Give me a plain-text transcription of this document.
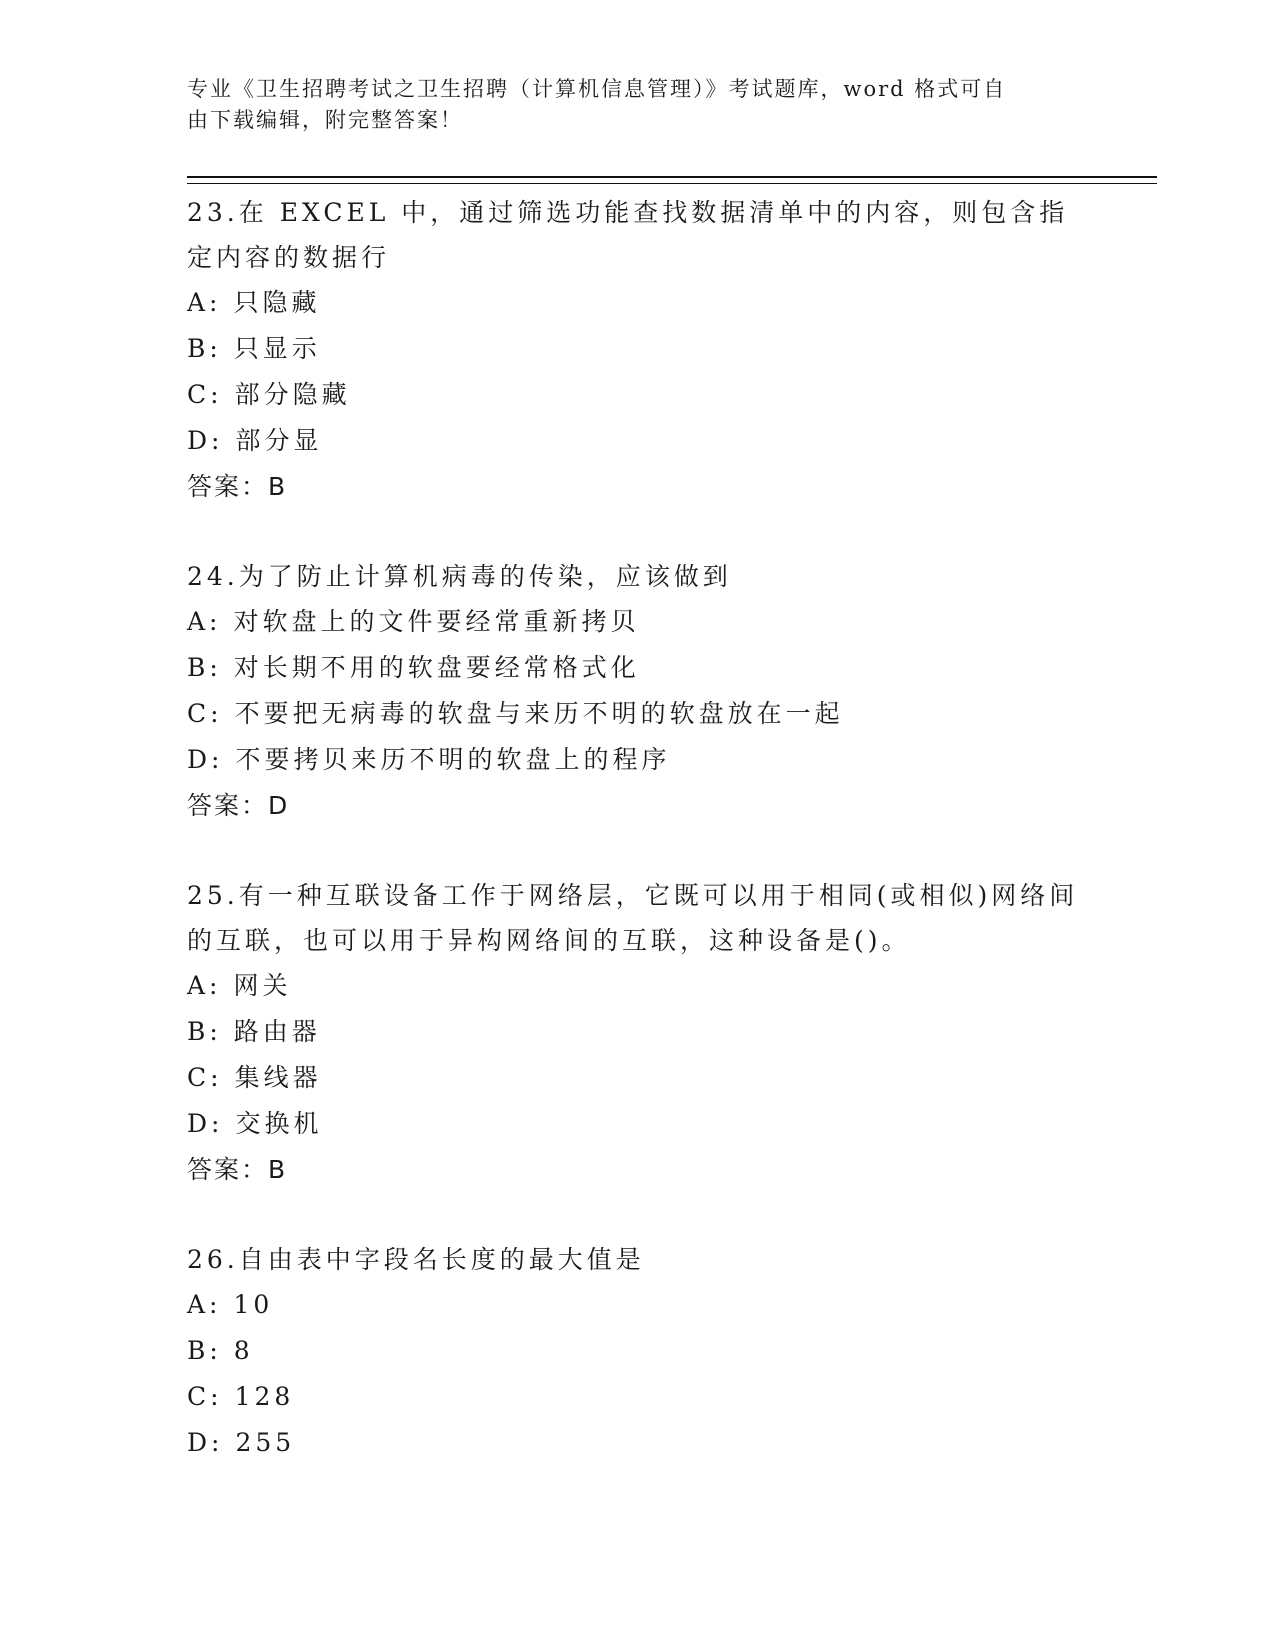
专业《卫生招聘考试之卫生招聘（计算机信息管理）》考试题库，word 格式可自
由下载编辑，附完整答案！
23.在 EXCEL 中，通过筛选功能查找数据清单中的内容，则包含指定内容的数据行
A: 只隐藏
B: 只显示
C: 部分隐藏
D: 部分显
答案：B
24.为了防止计算机病毒的传染，应该做到
A: 对软盘上的文件要经常重新拷贝
B: 对长期不用的软盘要经常格式化
C: 不要把无病毒的软盘与来历不明的软盘放在一起
D: 不要拷贝来历不明的软盘上的程序
答案：D
25.有一种互联设备工作于网络层，它既可以用于相同(或相似)网络间的互联，也可以用于异构网络间的互联，这种设备是()。
A: 网关
B: 路由器
C: 集线器
D: 交换机
答案：B
26.自由表中字段名长度的最大值是
A: 10
B: 8
C: 128
D: 255
